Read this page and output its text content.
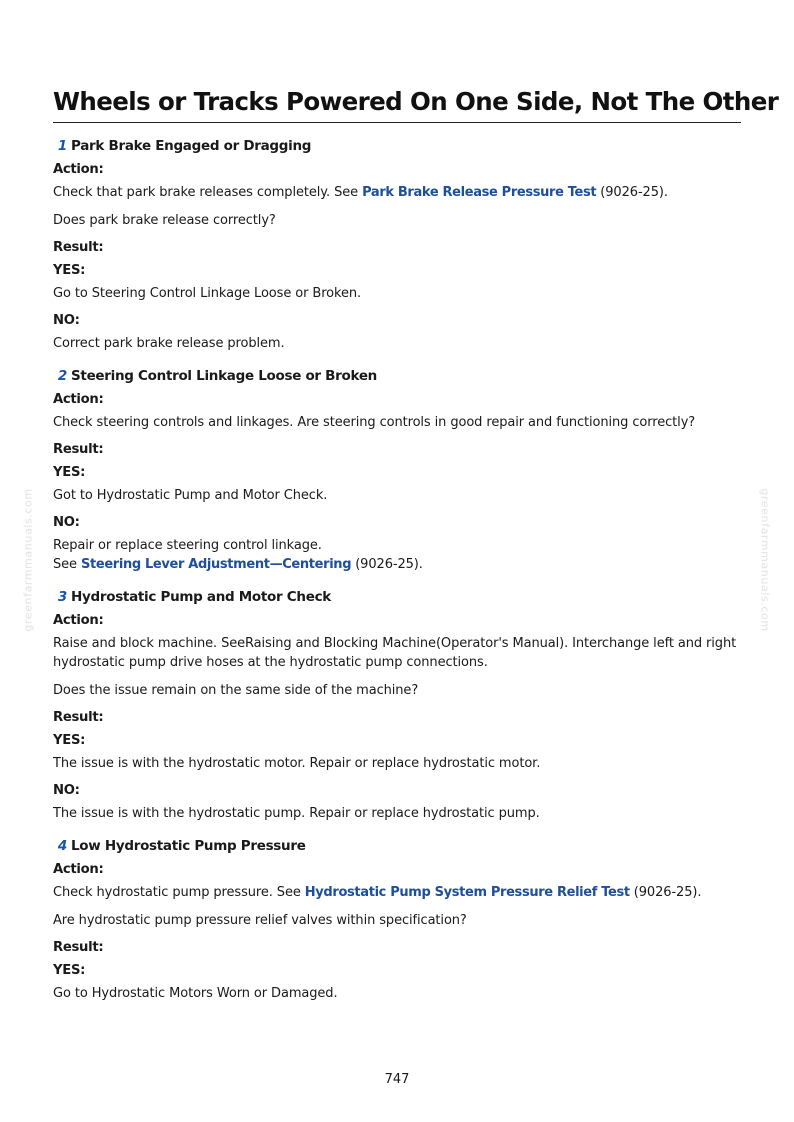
greenfarmmanuals.com	greenfarmmanuals.com
Wheels or Tracks Powered On One Side, Not The Other
1 Park Brake Engaged or Dragging
Action:
Check that park brake releases completely. See Park Brake Release Pressure Test (9026-25).
Does park brake release correctly?
Result:
YES:
Go to Steering Control Linkage Loose or Broken.
NO:
Correct park brake release problem.
2 Steering Control Linkage Loose or Broken
Action:
Check steering controls and linkages. Are steering controls in good repair and functioning correctly?
Result:
YES:
Got to Hydrostatic Pump and Motor Check.
NO:
Repair or replace steering control linkage.
See Steering Lever Adjustment—Centering (9026-25).
3 Hydrostatic Pump and Motor Check
Action:
Raise and block machine. SeeRaising and Blocking Machine(Operator's Manual). Interchange left and right hydrostatic pump drive hoses at the hydrostatic pump connections.
Does the issue remain on the same side of the machine?
Result:
YES:
The issue is with the hydrostatic motor. Repair or replace hydrostatic motor.
NO:
The issue is with the hydrostatic pump. Repair or replace hydrostatic pump.
4 Low Hydrostatic Pump Pressure
Action:
Check hydrostatic pump pressure. See Hydrostatic Pump System Pressure Relief Test (9026-25).
Are hydrostatic pump pressure relief valves within specification?
Result:
YES:
Go to Hydrostatic Motors Worn or Damaged.
747
